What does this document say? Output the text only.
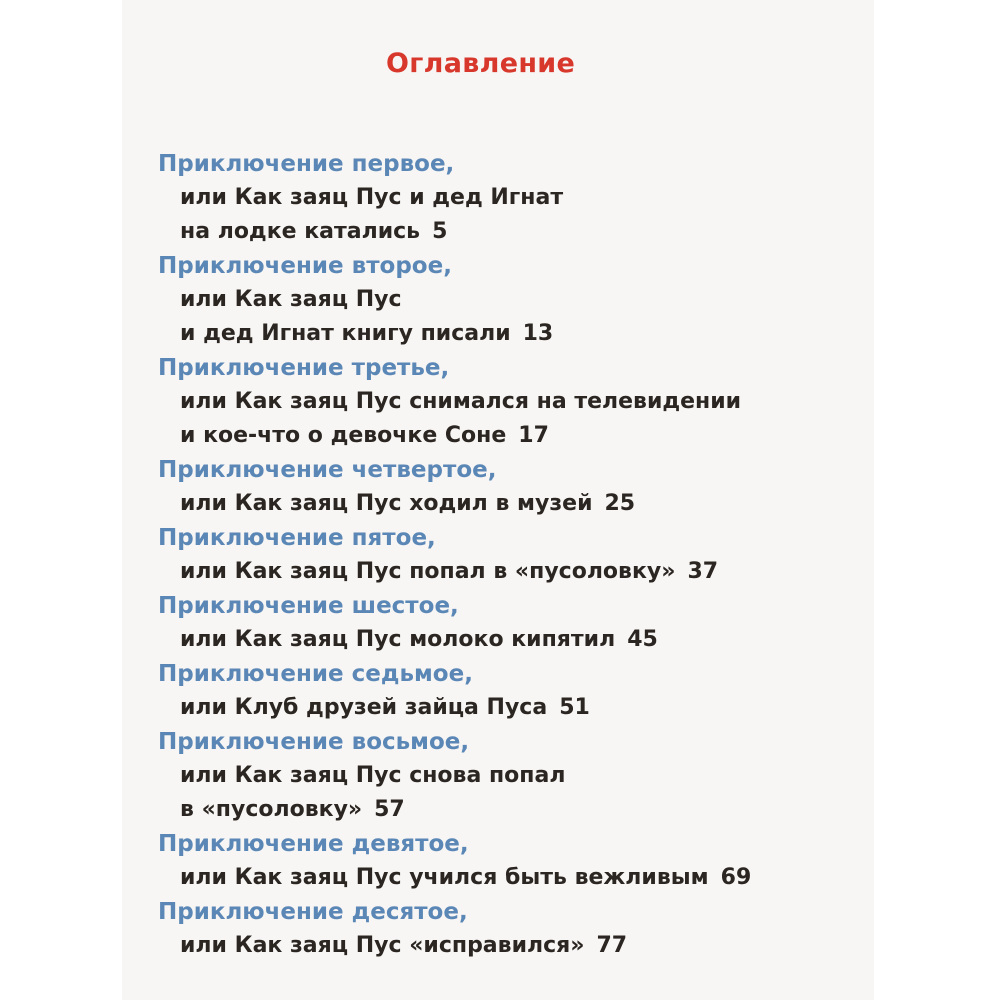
Оглавление
Приключение первое,
или Как заяц Пус и дед Игнат
на лодке катались 5
Приключение второе,
или Как заяц Пус
и дед Игнат книгу писали 13
Приключение третье,
или Как заяц Пус снимался на телевидении
и кое-что о девочке Соне 17
Приключение четвертое,
или Как заяц Пус ходил в музей 25
Приключение пятое,
или Как заяц Пус попал в «пусоловку» 37
Приключение шестое,
или Как заяц Пус молоко кипятил 45
Приключение седьмое,
или Клуб друзей зайца Пуса 51
Приключение восьмое,
или Как заяц Пус снова попал
в «пусоловку» 57
Приключение девятое,
или Как заяц Пус учился быть вежливым 69
Приключение десятое,
или Как заяц Пус «исправился» 77
